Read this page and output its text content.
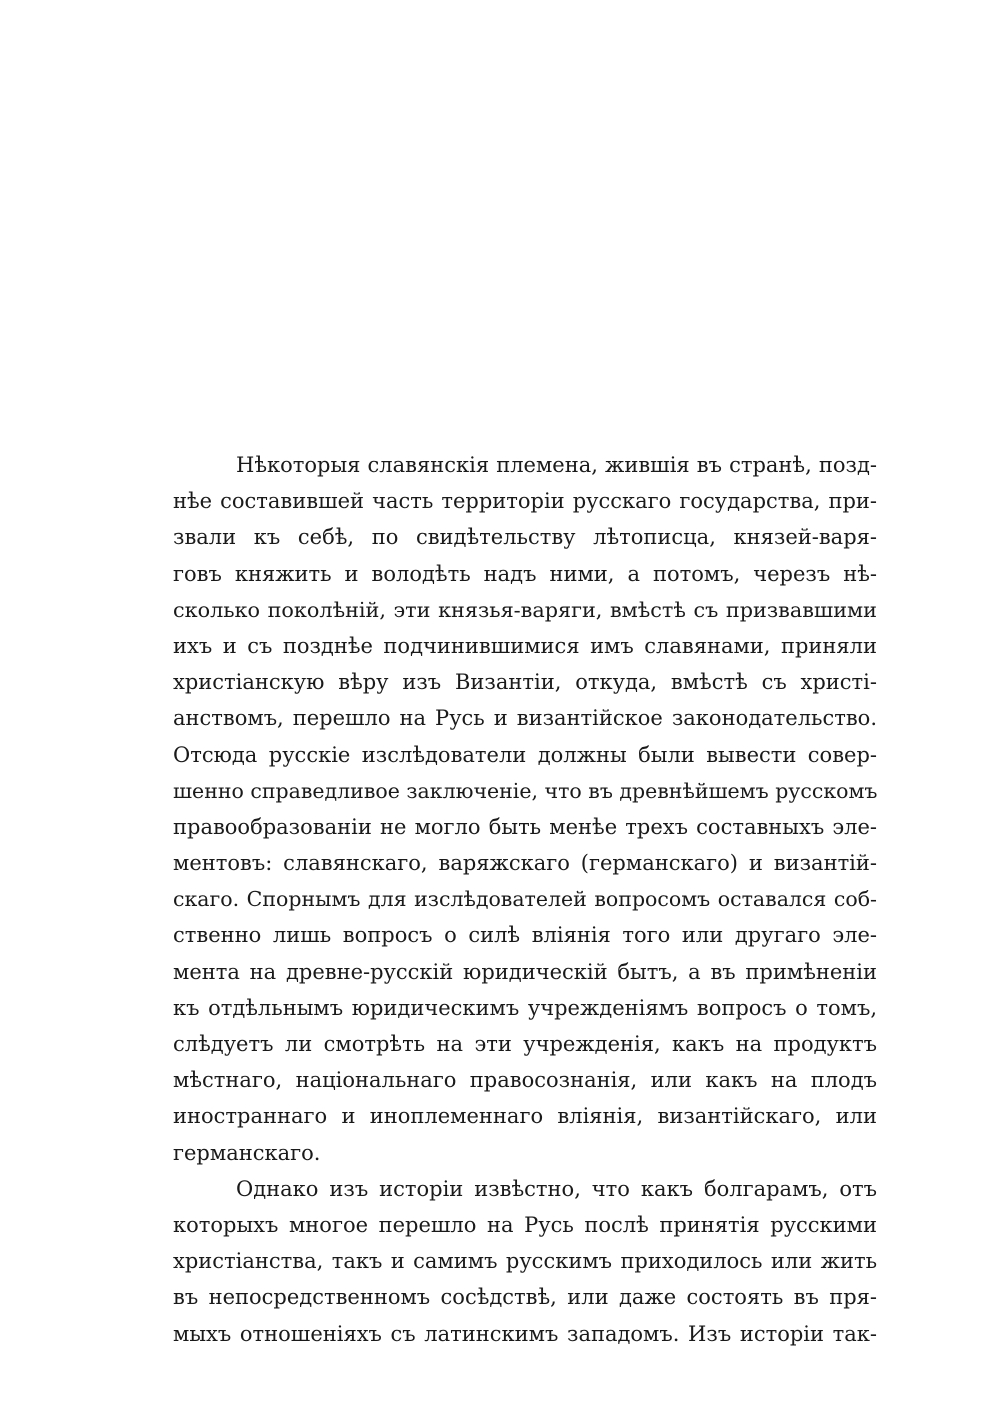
Нѣкоторыя славянскія племена, жившія въ странѣ, позд-
нѣе составившей часть территоріи русскаго государства, при-
звали къ себѣ, по свидѣтельству лѣтописца, князей-варя-
говъ княжить и володѣть надъ ними, а потомъ, черезъ нѣ-
сколько поколѣній, эти князья-варяги, вмѣстѣ съ призвавшими
ихъ и съ позднѣе подчинившимися имъ славянами, приняли
христіанскую вѣру изъ Византіи, откуда, вмѣстѣ съ христі-
анствомъ, перешло на Русь и византійское законодательство.
Отсюда русскіе изслѣдователи должны были вывести совер-
шенно справедливое заключеніе, что въ древнѣйшемъ русскомъ
правообразованіи не могло быть менѣе трехъ составныхъ эле-
ментовъ: славянскаго, варяжскаго (германскаго) и византій-
скаго. Спорнымъ для изслѣдователей вопросомъ оставался соб-
ственно лишь вопросъ о силѣ вліянія того или другаго эле-
мента на древне-русскій юридическій бытъ, а въ примѣненіи
къ отдѣльнымъ юридическимъ учрежденіямъ вопросъ о томъ,
слѣдуетъ ли смотрѣть на эти учрежденія, какъ на продуктъ
мѣстнаго, національнаго правосознанія, или какъ на плодъ
иностраннаго и иноплеменнаго вліянія, византійскаго, или
германскаго.
Однако изъ исторіи извѣстно, что какъ болгарамъ, отъ
которыхъ многое перешло на Русь послѣ принятія русскими
христіанства, такъ и самимъ русскимъ приходилось или жить
въ непосредственномъ сосѣдствѣ, или даже состоять въ пря-
мыхъ отношеніяхъ съ латинскимъ западомъ. Изъ исторіи так-
